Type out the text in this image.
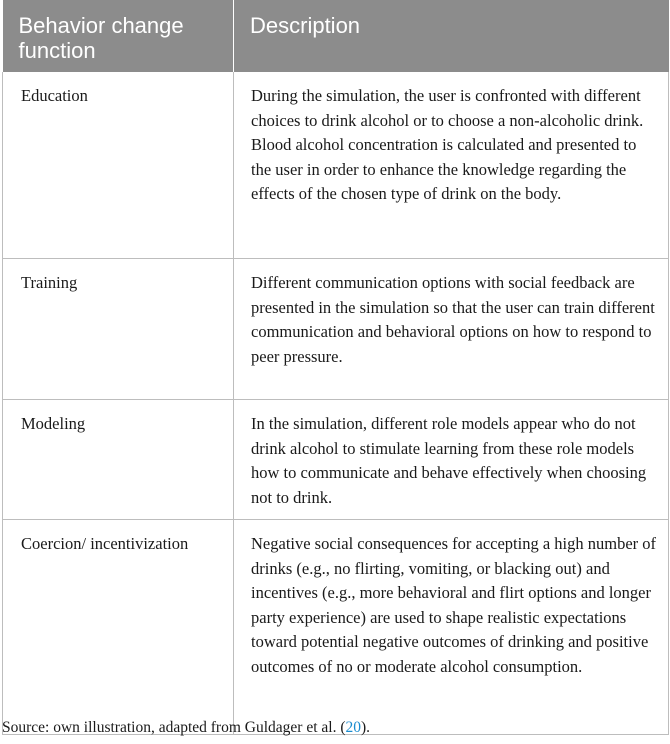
Behavior change function	Description
Education	During the simulation, the user is confronted with different choices to drink alcohol or to choose a non-alcoholic drink. Blood alcohol concentration is calculated and presented to the user in order to enhance the knowledge regarding the effects of the chosen type of drink on the body.
Training	Different communication options with social feedback are presented in the simulation so that the user can train different communication and behavioral options on how to respond to peer pressure.
Modeling	In the simulation, different role models appear who do not drink alcohol to stimulate learning from these role models how to communicate and behave effectively when choosing not to drink.
Coercion/ incentivization	Negative social consequences for accepting a high number of drinks (e.g., no flirting, vomiting, or blacking out) and incentives (e.g., more behavioral and flirt options and longer party experience) are used to shape realistic expectations toward potential negative outcomes of drinking and positive outcomes of no or moderate alcohol consumption.
Source: own illustration, adapted from Guldager et al. (20).
